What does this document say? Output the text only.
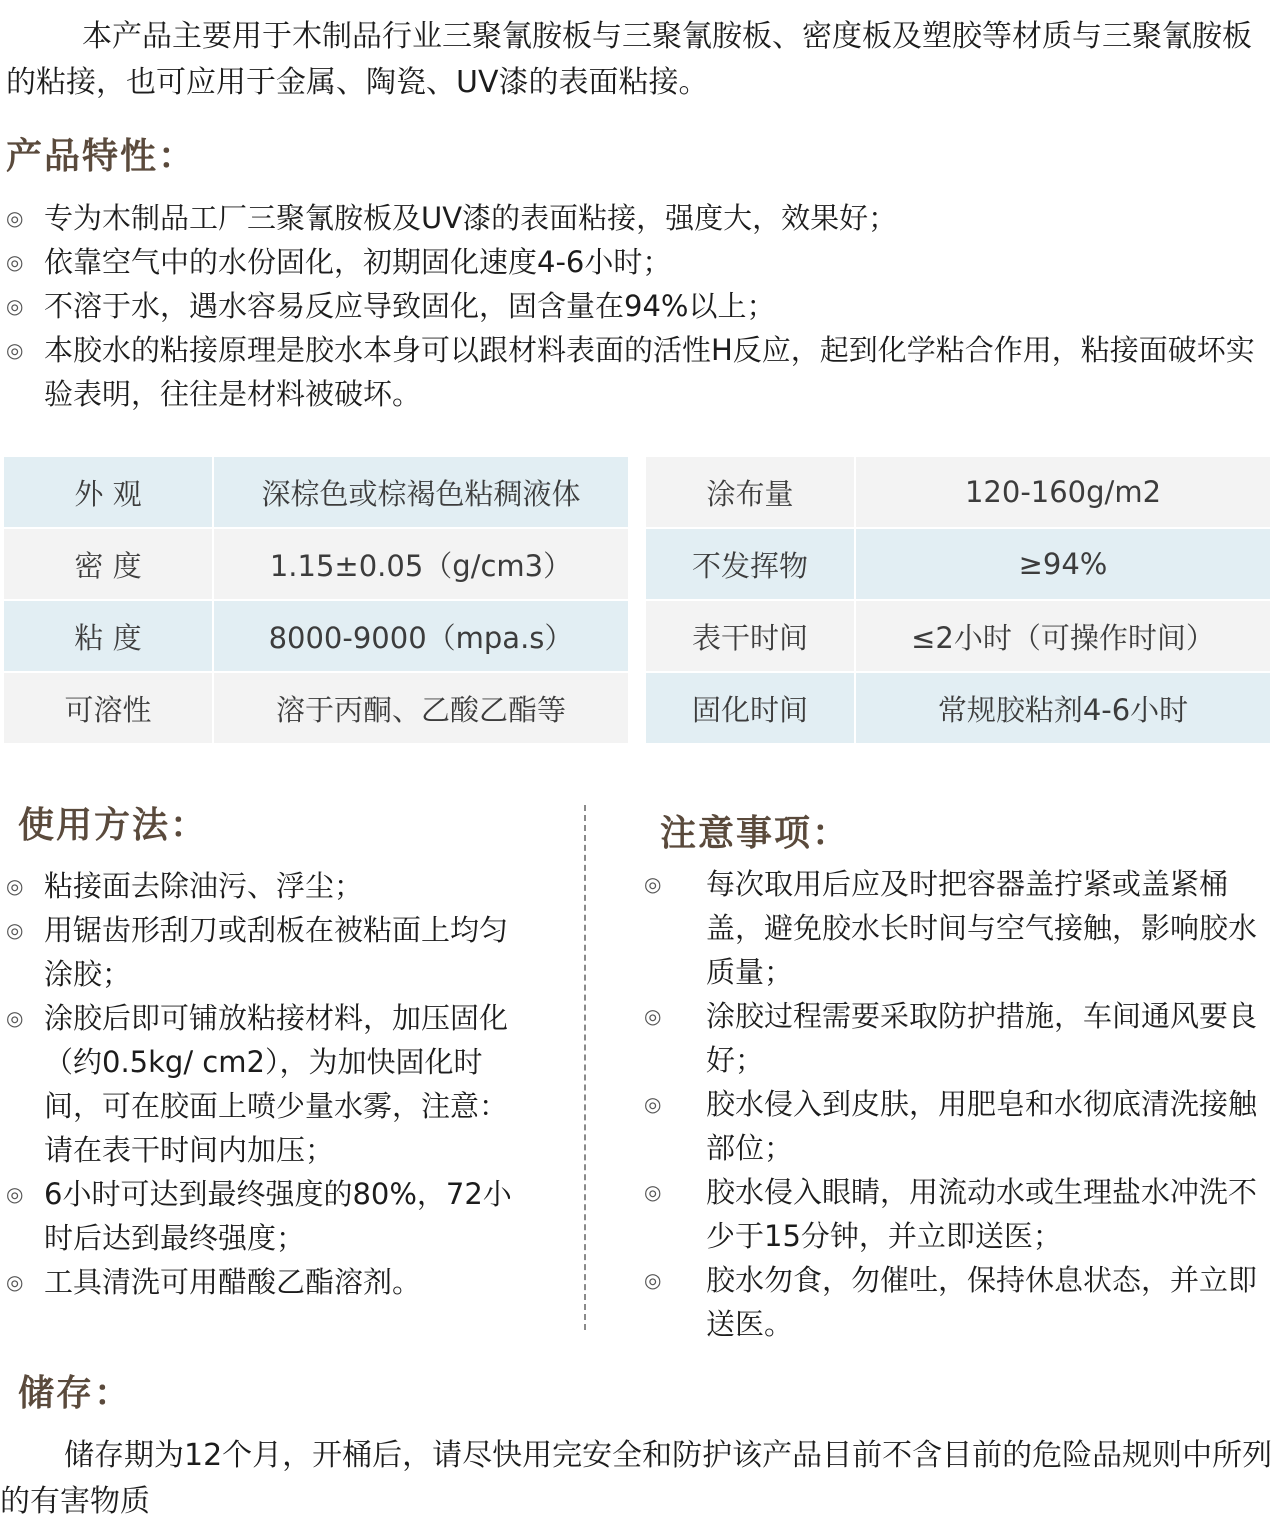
本产品主要用于木制品行业三聚氰胺板与三聚氰胺板、密度板及塑胶等材质与三聚氰胺板的粘接，也可应用于金属、陶瓷、UV漆的表面粘接。
产品特性：
◎ 专为木制品工厂三聚氰胺板及UV漆的表面粘接，强度大，效果好；
◎ 依靠空气中的水份固化，初期固化速度4-6小时；
◎ 不溶于水，遇水容易反应导致固化，固含量在94%以上；
◎ 本胶水的粘接原理是胶水本身可以跟材料表面的活性H反应，起到化学粘合作用，粘接面破坏实验表明，往往是材料被破坏。
外 观	深棕色或棕褐色粘稠液体
密 度	1.15±0.05（g/cm3）
粘 度	8000-9000（mpa.s）
可溶性	溶于丙酮、乙酸乙酯等
涂布量	120-160g/m2
不发挥物	≥94%
表干时间	≤2小时（可操作时间）
固化时间	常规胶粘剂4-6小时
使用方法：
◎ 粘接面去除油污、浮尘；
◎ 用锯齿形刮刀或刮板在被粘面上均匀涂胶；
◎ 涂胶后即可铺放粘接材料，加压固化（约0.5kg/ cm2），为加快固化时间，可在胶面上喷少量水雾，注意：请在表干时间内加压；
◎ 6小时可达到最终强度的80%，72小时后达到最终强度；
◎ 工具清洗可用醋酸乙酯溶剂。
注意事项：
◎ 每次取用后应及时把容器盖拧紧或盖紧桶盖，避免胶水长时间与空气接触，影响胶水质量；
◎ 涂胶过程需要采取防护措施，车间通风要良好；
◎ 胶水侵入到皮肤，用肥皂和水彻底清洗接触部位；
◎ 胶水侵入眼睛，用流动水或生理盐水冲洗不少于15分钟，并立即送医；
◎ 胶水勿食，勿催吐，保持休息状态，并立即送医。
储存：
储存期为12个月，开桶后，请尽快用完安全和防护该产品目前不含目前的危险品规则中所列的有害物质
